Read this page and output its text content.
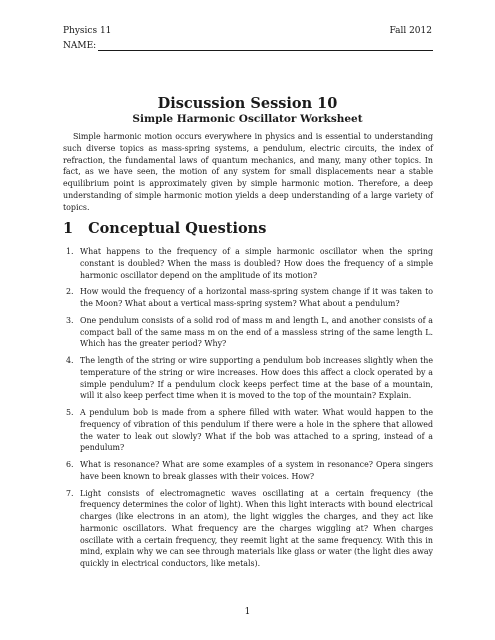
Physics 11	Fall 2012
NAME:
Discussion Session 10
Simple Harmonic Oscillator Worksheet

Simple harmonic motion occurs everywhere in physics and is essential to understanding such diverse topics as mass-spring systems, a pendulum, electric circuits, the index of refraction, the fundamental laws of quantum mechanics, and many, many other topics. In fact, as we have seen, the motion of any system for small displacements near a stable equilibrium point is approximately given by simple harmonic motion. Therefore, a deep understanding of simple harmonic motion yields a deep understanding of a large variety of topics.

1 Conceptual Questions
1. What happens to the frequency of a simple harmonic oscillator when the spring constant is doubled? When the mass is doubled? How does the frequency of a simple harmonic oscillator depend on the amplitude of its motion?
2. How would the frequency of a horizontal mass-spring system change if it was taken to the Moon? What about a vertical mass-spring system? What about a pendulum?
3. One pendulum consists of a solid rod of mass m and length L, and another consists of a compact ball of the same mass m on the end of a massless string of the same length L. Which has the greater period? Why?
4. The length of the string or wire supporting a pendulum bob increases slightly when the temperature of the string or wire increases. How does this affect a clock operated by a simple pendulum? If a pendulum clock keeps perfect time at the base of a mountain, will it also keep perfect time when it is moved to the top of the mountain? Explain.
5. A pendulum bob is made from a sphere filled with water. What would happen to the frequency of vibration of this pendulum if there were a hole in the sphere that allowed the water to leak out slowly? What if the bob was attached to a spring, instead of a pendulum?
6. What is resonance? What are some examples of a system in resonance? Opera singers have been known to break glasses with their voices. How?
7. Light consists of electromagnetic waves oscillating at a certain frequency (the frequency determines the color of light). When this light interacts with bound electrical charges (like electrons in an atom), the light wiggles the charges, and they act like harmonic oscillators. What frequency are the charges wiggling at? When charges oscillate with a certain frequency, they reemit light at the same frequency. With this in mind, explain why we can see through materials like glass or water (the light dies away quickly in electrical conductors, like metals).
1
